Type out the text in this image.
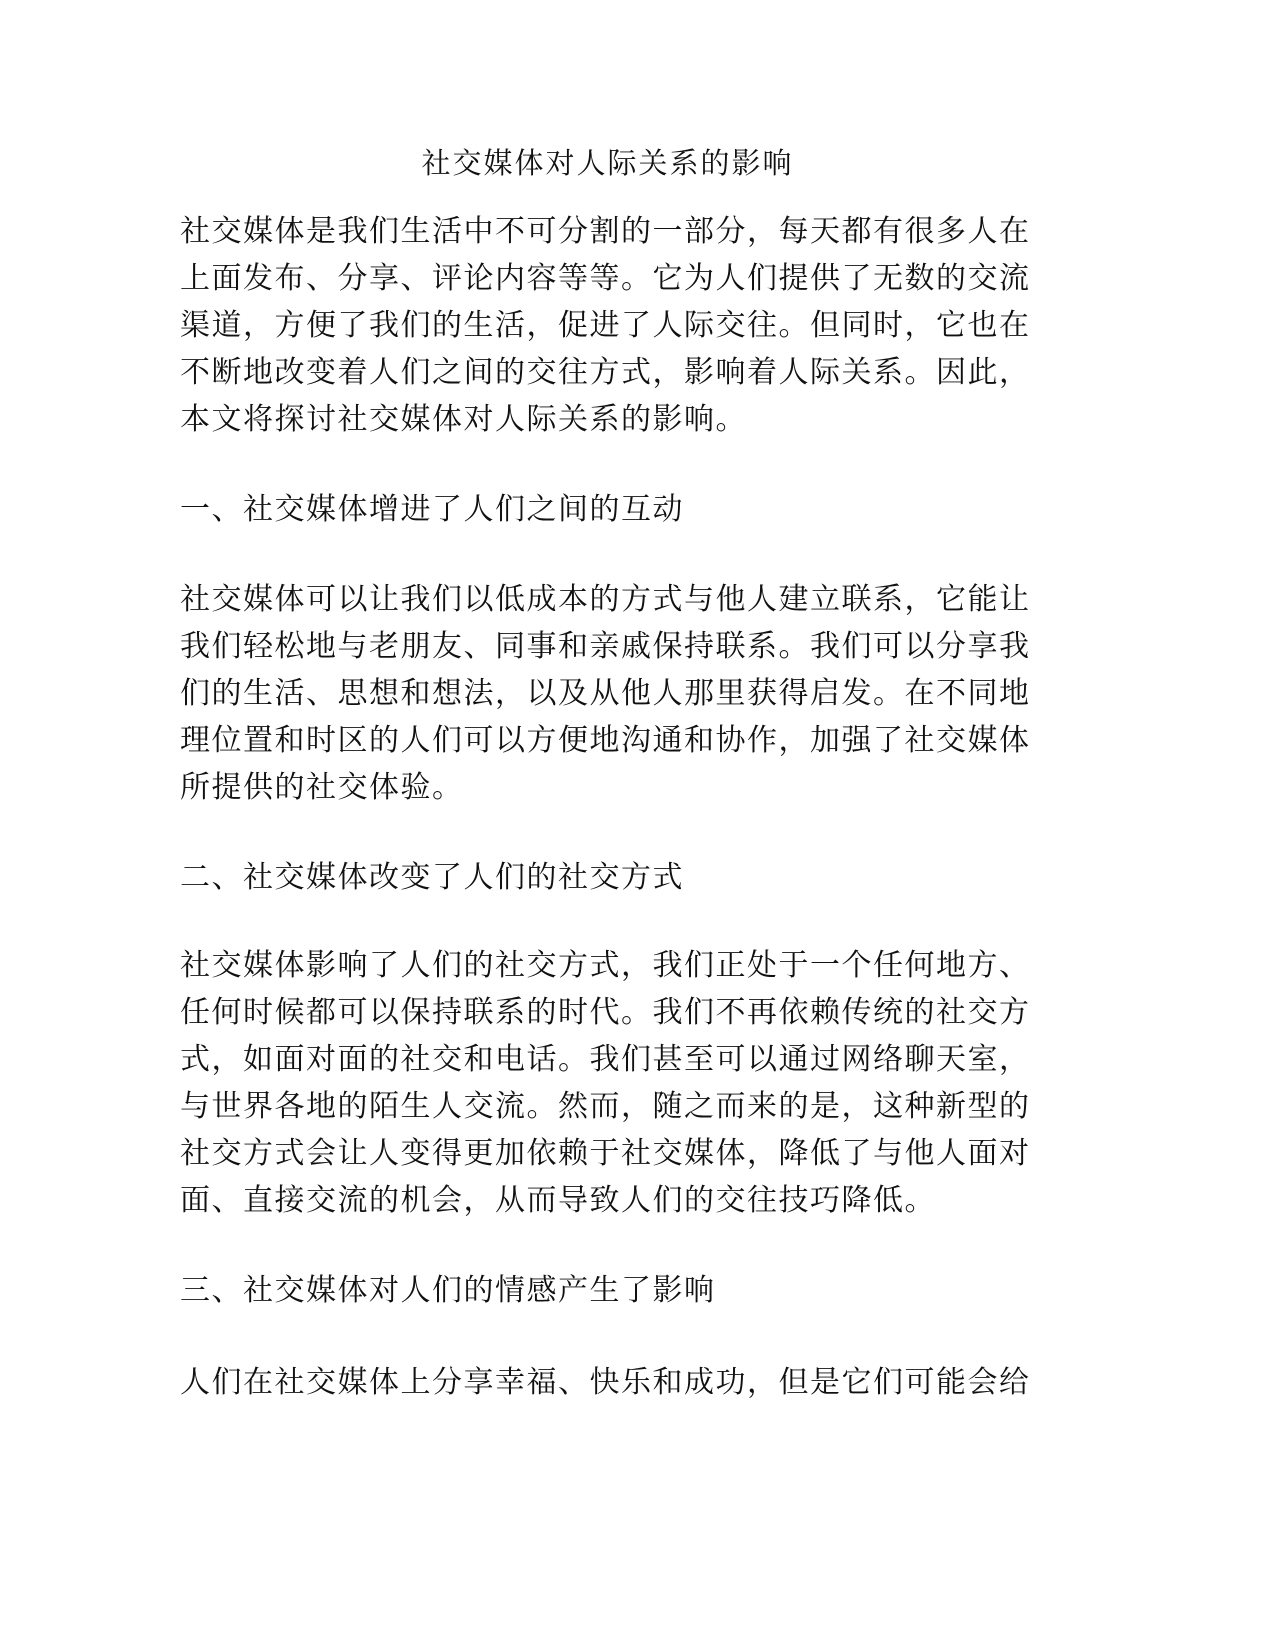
社交媒体对人际关系的影响
社交媒体是我们生活中不可分割的一部分，每天都有很多人在
上面发布、分享、评论内容等等。它为人们提供了无数的交流
渠道，方便了我们的生活，促进了人际交往。但同时，它也在
不断地改变着人们之间的交往方式，影响着人际关系。因此，
本文将探讨社交媒体对人际关系的影响。
一、社交媒体增进了人们之间的互动
社交媒体可以让我们以低成本的方式与他人建立联系，它能让
我们轻松地与老朋友、同事和亲戚保持联系。我们可以分享我
们的生活、思想和想法，以及从他人那里获得启发。在不同地
理位置和时区的人们可以方便地沟通和协作，加强了社交媒体
所提供的社交体验。
二、社交媒体改变了人们的社交方式
社交媒体影响了人们的社交方式，我们正处于一个任何地方、
任何时候都可以保持联系的时代。我们不再依赖传统的社交方
式，如面对面的社交和电话。我们甚至可以通过网络聊天室，
与世界各地的陌生人交流。然而，随之而来的是，这种新型的
社交方式会让人变得更加依赖于社交媒体，降低了与他人面对
面、直接交流的机会，从而导致人们的交往技巧降低。
三、社交媒体对人们的情感产生了影响
人们在社交媒体上分享幸福、快乐和成功，但是它们可能会给
